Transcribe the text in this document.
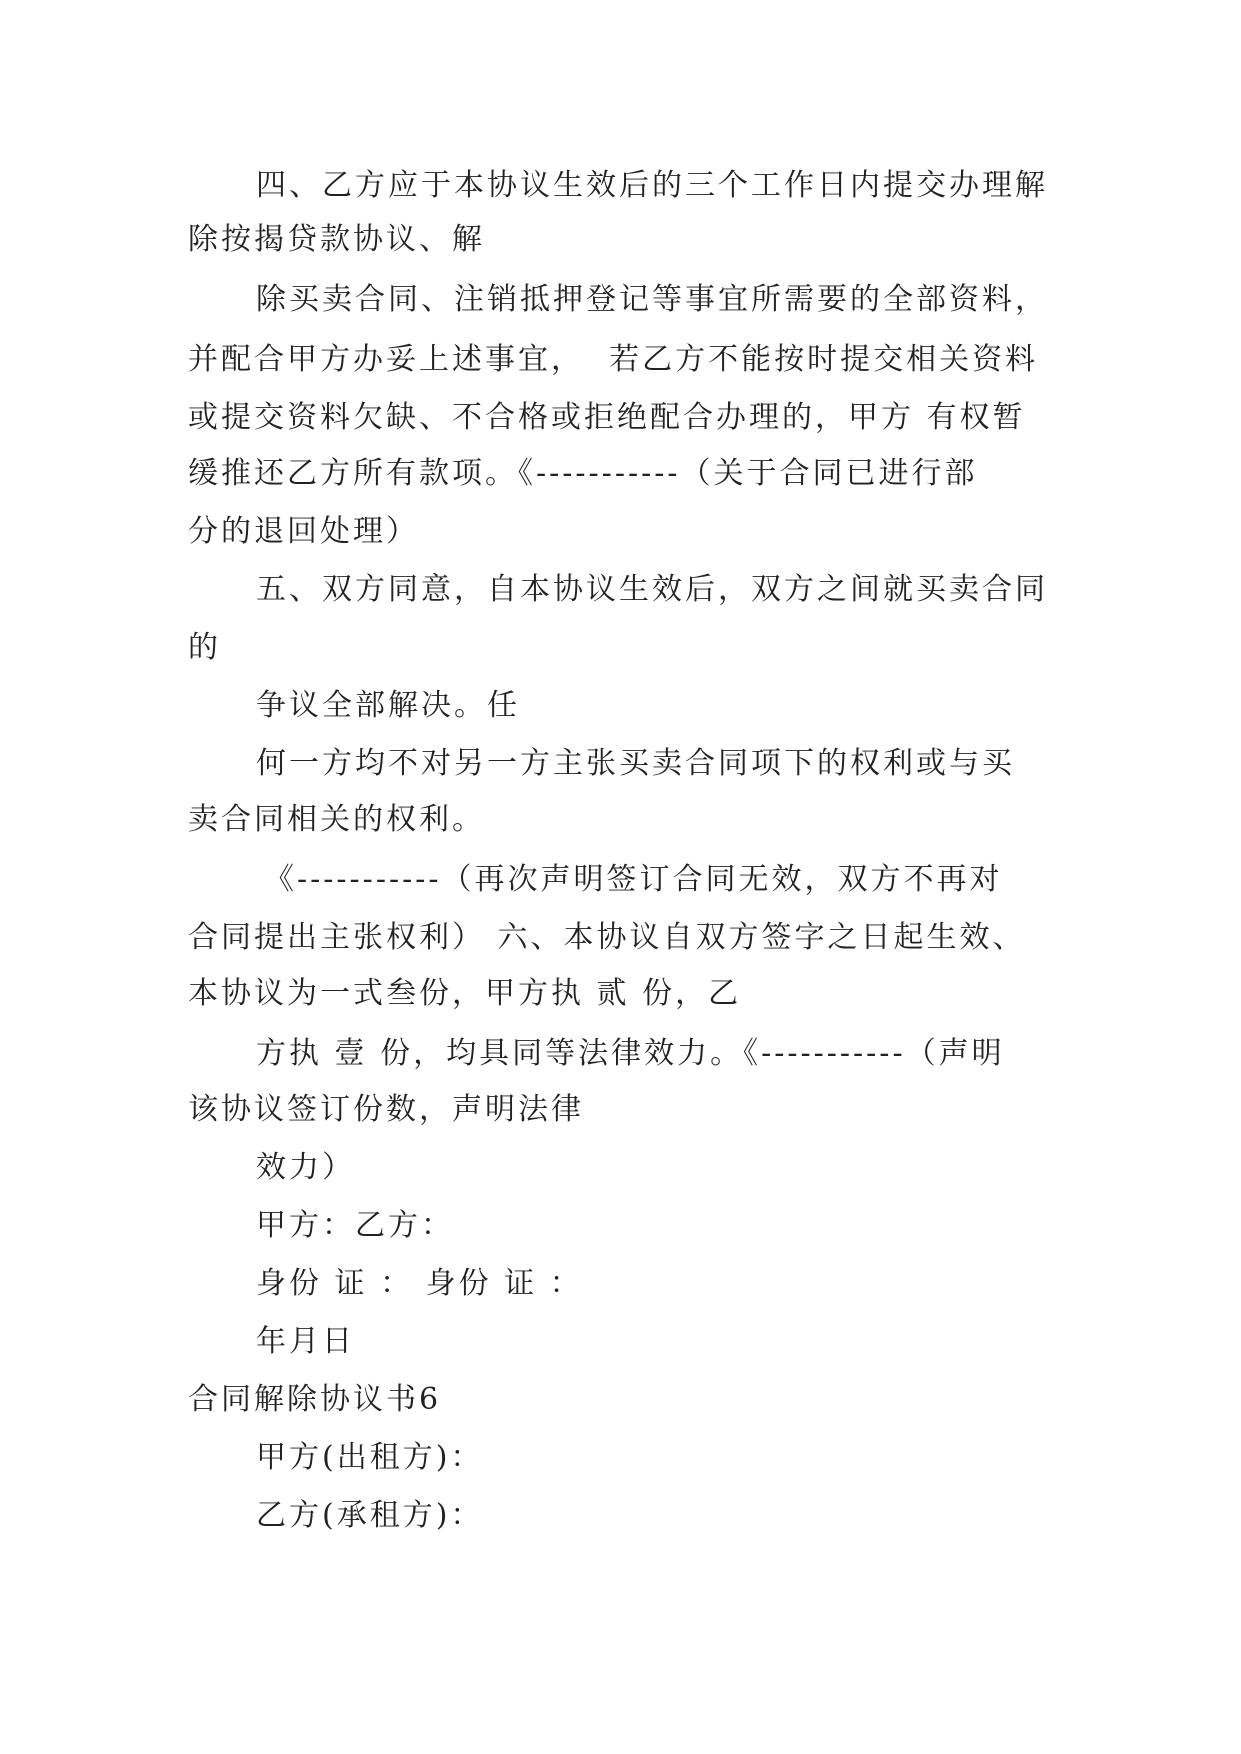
四、乙方应于本协议生效后的三个工作日内提交办理解
除按揭贷款协议、解
除买卖合同、注销抵押登记等事宜所需要的全部资料，
并配合甲方办妥上述事宜，  若乙方不能按时提交相关资料
或提交资料欠缺、不合格或拒绝配合办理的，甲方 有权暂
缓推还乙方所有款项。《-----------（关于合同已进行部
分的退回处理）
五、双方同意，自本协议生效后，双方之间就买卖合同
的
争议全部解决。任
何一方均不对另一方主张买卖合同项下的权利或与买
卖合同相关的权利。
《-----------（再次声明签订合同无效，双方不再对
合同提出主张权利） 六、本协议自双方签字之日起生效、
本协议为一式叁份，甲方执 贰 份，乙
方执 壹 份，均具同等法律效力。《-----------（声明
该协议签订份数，声明法律
效力）
甲方：乙方：
身份 证 ： 身份 证 ：
年月日
合同解除协议书6
甲方(出租方)：
乙方(承租方)：
